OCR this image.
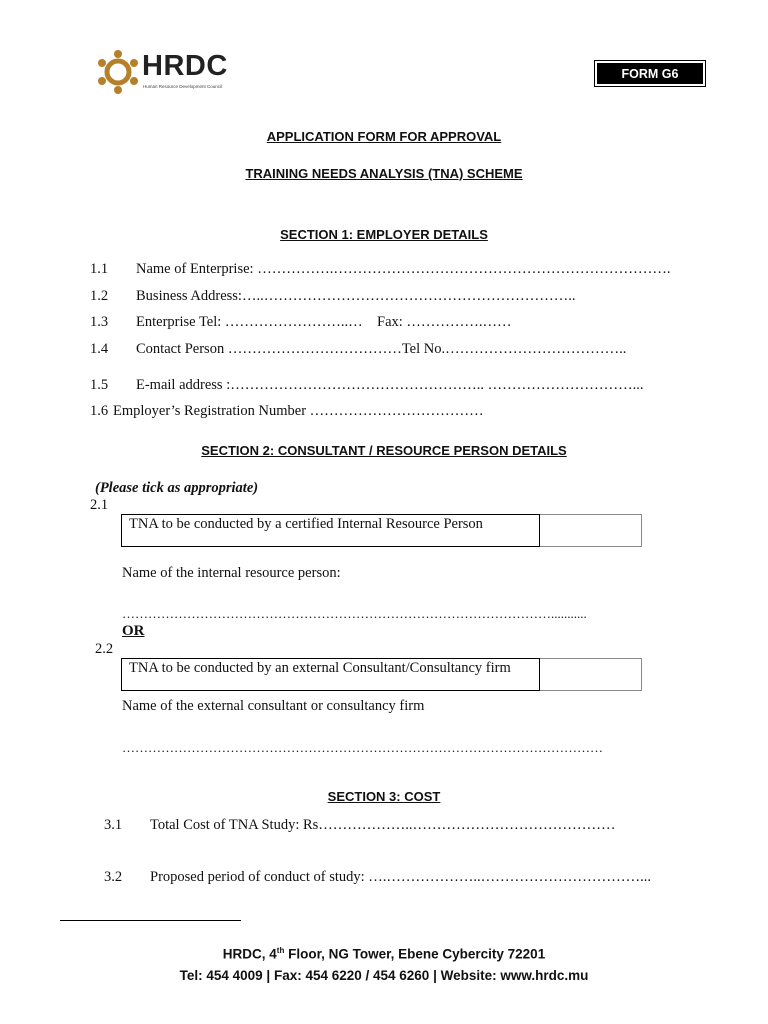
HRDC
Human Resource Development Council
FORM G6
APPLICATION FORM FOR APPROVAL
TRAINING NEEDS ANALYSIS (TNA) SCHEME
SECTION 1: EMPLOYER DETAILS
1.1 Name of Enterprise: …………….…………………………………………………………….
1.2 Business Address:…..………………………………………………………..
1.3 Enterprise Tel: ……………………..… Fax: …………….……
1.4 Contact Person ………………………………Tel No.………………………………..
1.5 E-mail address :…………………………………………….. …………………………...
1.6 Employer’s Registration Number ………………………………
SECTION 2: CONSULTANT / RESOURCE PERSON DETAILS
(Please tick as appropriate)
2.1
TNA to be conducted by a certified Internal Resource Person
Name of the internal resource person:
………………………………………………………………………………………...........
OR
2.2
TNA to be conducted by an external Consultant/Consultancy firm
Name of the external consultant or consultancy firm
…………………………………………………………………………………………………
SECTION 3: COST
3.1 Total Cost of TNA Study: Rs………………..……………………………………
3.2 Proposed period of conduct of study: ….………………..……………………………...
HRDC, 4th Floor, NG Tower, Ebene Cybercity 72201
Tel: 454 4009 | Fax: 454 6220 / 454 6260 | Website: www.hrdc.mu
